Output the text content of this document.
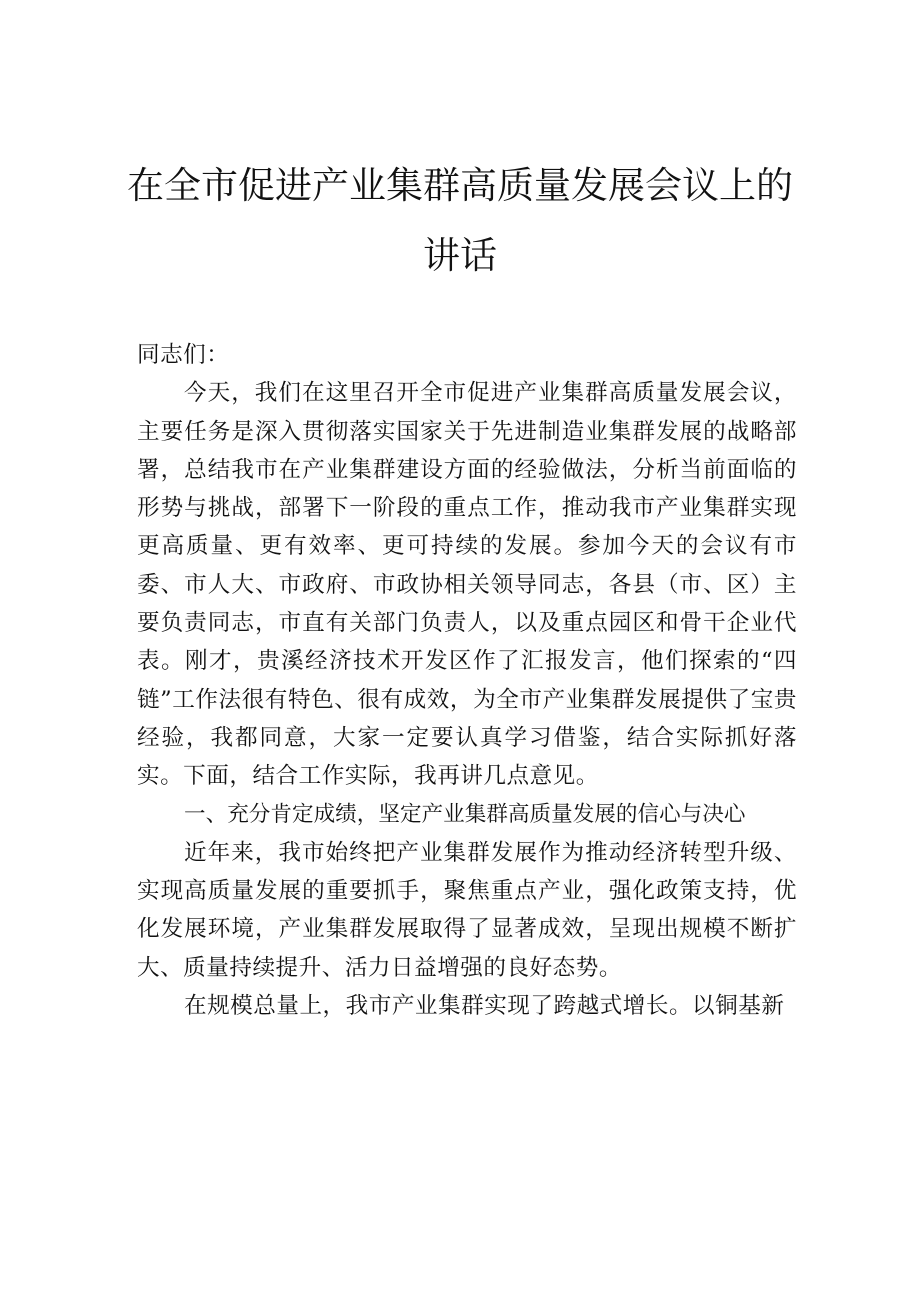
在全市促进产业集群高质量发展会议上的
讲话

同志们：

今天，我们在这里召开全市促进产业集群高质量发展会议，主要任务是深入贯彻落实国家关于先进制造业集群发展的战略部署，总结我市在产业集群建设方面的经验做法，分析当前面临的形势与挑战，部署下一阶段的重点工作，推动我市产业集群实现更高质量、更有效率、更可持续的发展。参加今天的会议有市委、市人大、市政府、市政协相关领导同志，各县（市、区）主要负责同志，市直有关部门负责人，以及重点园区和骨干企业代表。刚才，贵溪经济技术开发区作了汇报发言，他们探索的“四链”工作法很有特色、很有成效，为全市产业集群发展提供了宝贵经验，我都同意，大家一定要认真学习借鉴，结合实际抓好落实。下面，结合工作实际，我再讲几点意见。

一、充分肯定成绩，坚定产业集群高质量发展的信心与决心

近年来，我市始终把产业集群发展作为推动经济转型升级、实现高质量发展的重要抓手，聚焦重点产业，强化政策支持，优化发展环境，产业集群发展取得了显著成效，呈现出规模不断扩大、质量持续提升、活力日益增强的良好态势。

在规模总量上，我市产业集群实现了跨越式增长。以铜基新
